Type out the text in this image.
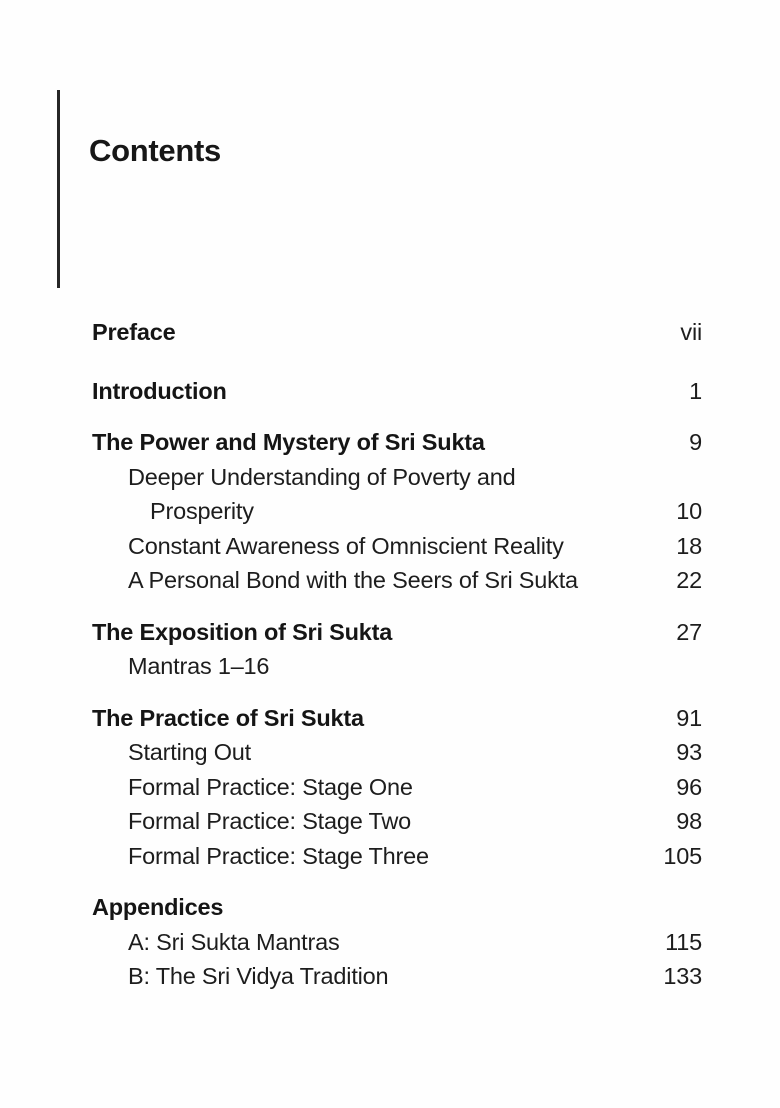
Contents
Preface	vii
Introduction	1
The Power and Mystery of Sri Sukta	9
Deeper Understanding of Poverty and
Prosperity	10
Constant Awareness of Omniscient Reality	18
A Personal Bond with the Seers of Sri Sukta	22
The Exposition of Sri Sukta	27
Mantras 1–16
The Practice of Sri Sukta	91
Starting Out	93
Formal Practice: Stage One	96
Formal Practice: Stage Two	98
Formal Practice: Stage Three	105
Appendices
A: Sri Sukta Mantras	115
B: The Sri Vidya Tradition	133
